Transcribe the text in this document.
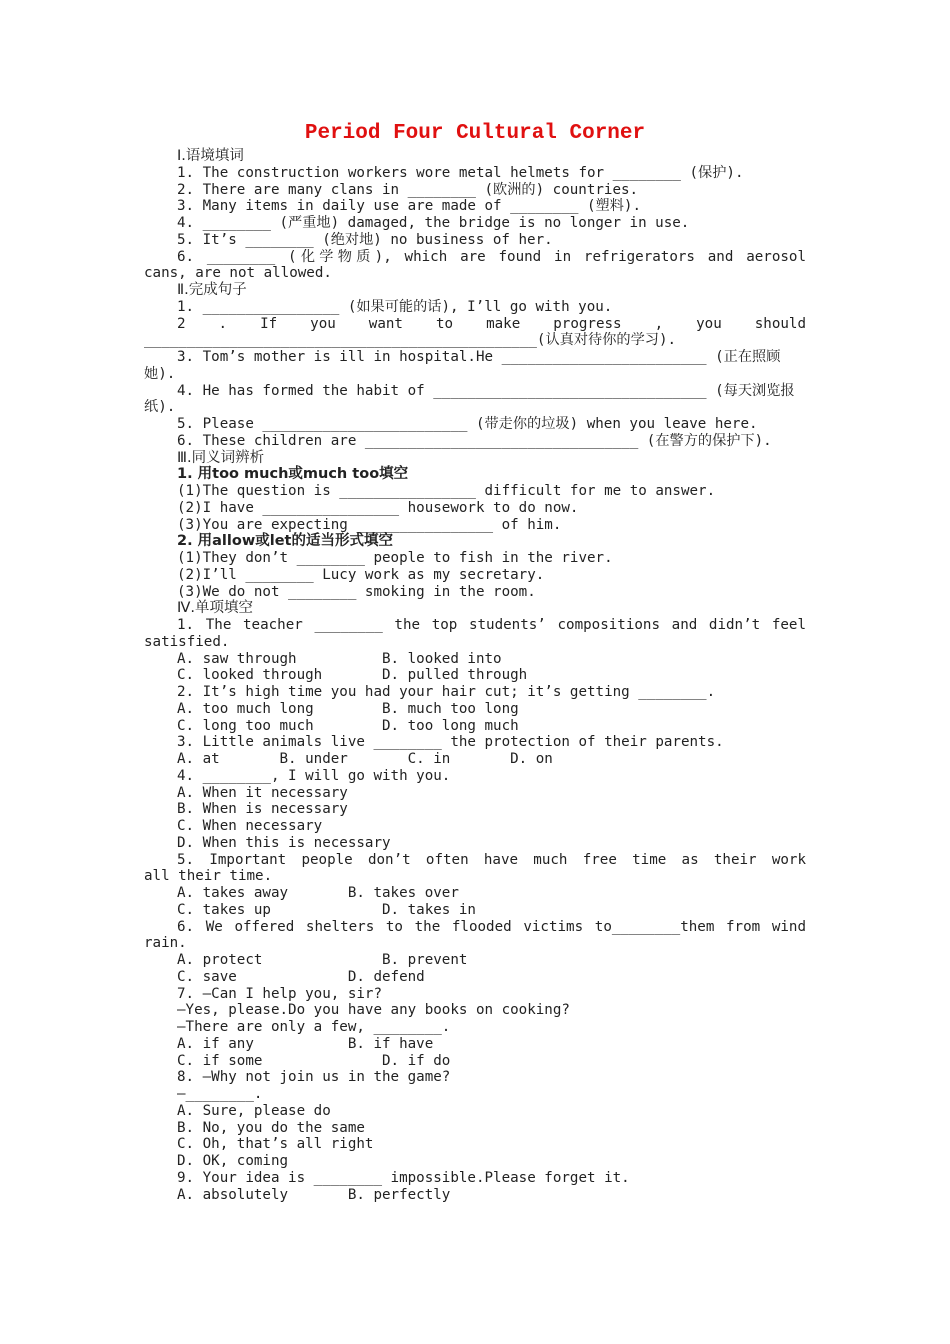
Period Four Cultural Corner
Ⅰ.语境填词
1. The construction workers wore metal helmets for ________ (保护).
2. There are many clans in ________ (欧洲的) countries.
3. Many items in daily use are made of ________ (塑料).
4. ________ (严重地) damaged, the bridge is no longer in use.
5. It’s ________ (绝对地) no business of her.
6. ________ (化学物质), which are found in refrigerators and aerosol
cans, are not allowed.
Ⅱ.完成句子
1. ________________ (如果可能的话), I’ll go with you.
2 . If you want to make progress , you should
______________________________________________(认真对待你的学习).
3. Tom’s mother is ill in hospital.He ________________________ (正在照顾
她).
4. He has formed the habit of ________________________________ (每天浏览报
纸).
5. Please ________________________ (带走你的垃圾) when you leave here.
6. These children are ________________________________ (在警方的保护下).
Ⅲ.同义词辨析
1. 用too much或much too填空
(1)The question is ________________ difficult for me to answer.
(2)I have ________________ housework to do now.
(3)You are expecting ________________ of him.
2. 用allow或let的适当形式填空
(1)They don’t ________ people to fish in the river.
(2)I’ll ________ Lucy work as my secretary.
(3)We do not ________ smoking in the room.
Ⅳ.单项填空
1. The teacher ________ the top students’ compositions and didn’t feel
satisfied.
A. saw through          B. looked into
C. looked through       D. pulled through
2. It’s high time you had your hair cut; it’s getting ________.
A. too much long        B. much too long
C. long too much        D. too long much
3. Little animals live ________ the protection of their parents.
A. at       B. under       C. in       D. on
4. ________, I will go with you.
A. When it necessary
B. When is necessary
C. When necessary
D. When this is necessary
5. Important people don’t often have much free time as their work
all their time.
A. takes away       B. takes over
C. takes up             D. takes in
6. We offered shelters to the flooded victims to________them from wind
rain.
A. protect              B. prevent
C. save             D. defend
7. —Can I help you, sir?
—Yes, please.Do you have any books on cooking?
—There are only a few, ________.
A. if any           B. if have
C. if some              D. if do
8. —Why not join us in the game?
—________.
A. Sure, please do
B. No, you do the same
C. Oh, that’s all right
D. OK, coming
9. Your idea is ________ impossible.Please forget it.
A. absolutely       B. perfectly
